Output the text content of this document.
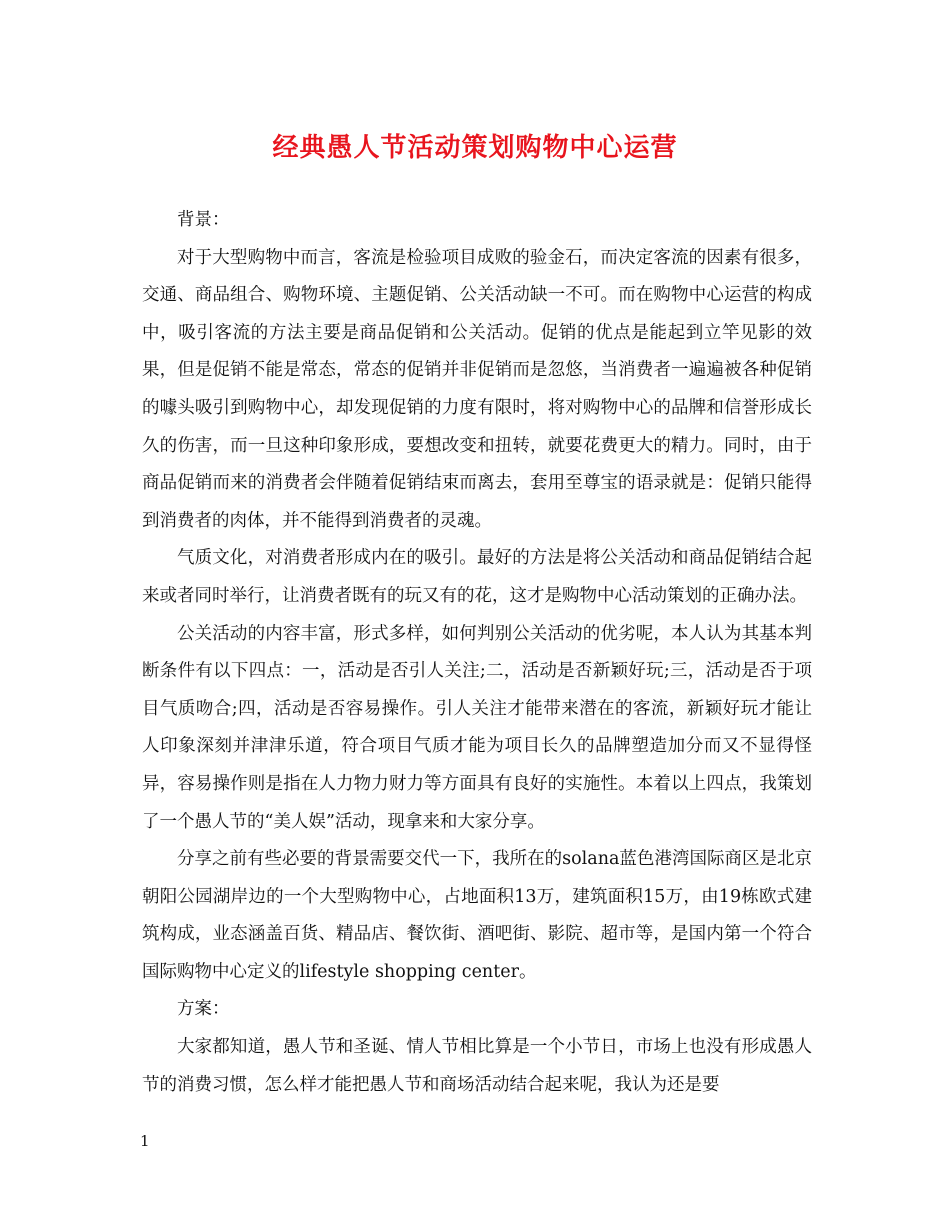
经典愚人节活动策划购物中心运营

背景：

对于大型购物中而言，客流是检验项目成败的验金石，而决定客流的因素有很多，交通、商品组合、购物环境、主题促销、公关活动缺一不可。而在购物中心运营的构成中，吸引客流的方法主要是商品促销和公关活动。促销的优点是能起到立竿见影的效果，但是促销不能是常态，常态的促销并非促销而是忽悠，当消费者一遍遍被各种促销的噱头吸引到购物中心，却发现促销的力度有限时，将对购物中心的品牌和信誉形成长久的伤害，而一旦这种印象形成，要想改变和扭转，就要花费更大的精力。同时，由于商品促销而来的消费者会伴随着促销结束而离去，套用至尊宝的语录就是：促销只能得到消费者的肉体，并不能得到消费者的灵魂。

气质文化，对消费者形成内在的吸引。最好的方法是将公关活动和商品促销结合起来或者同时举行，让消费者既有的玩又有的花，这才是购物中心活动策划的正确办法。

公关活动的内容丰富，形式多样，如何判别公关活动的优劣呢，本人认为其基本判断条件有以下四点：一，活动是否引人关注;二，活动是否新颖好玩;三，活动是否于项目气质吻合;四，活动是否容易操作。引人关注才能带来潜在的客流，新颖好玩才能让人印象深刻并津津乐道，符合项目气质才能为项目长久的品牌塑造加分而又不显得怪异，容易操作则是指在人力物力财力等方面具有良好的实施性。本着以上四点，我策划了一个愚人节的“美人娱”活动，现拿来和大家分享。

分享之前有些必要的背景需要交代一下，我所在的solana蓝色港湾国际商区是北京朝阳公园湖岸边的一个大型购物中心，占地面积13万，建筑面积15万，由19栋欧式建筑构成，业态涵盖百货、精品店、餐饮街、酒吧街、影院、超市等，是国内第一个符合国际购物中心定义的lifestyle shopping center。

方案：

大家都知道，愚人节和圣诞、情人节相比算是一个小节日，市场上也没有形成愚人节的消费习惯，怎么样才能把愚人节和商场活动结合起来呢，我认为还是要

1
